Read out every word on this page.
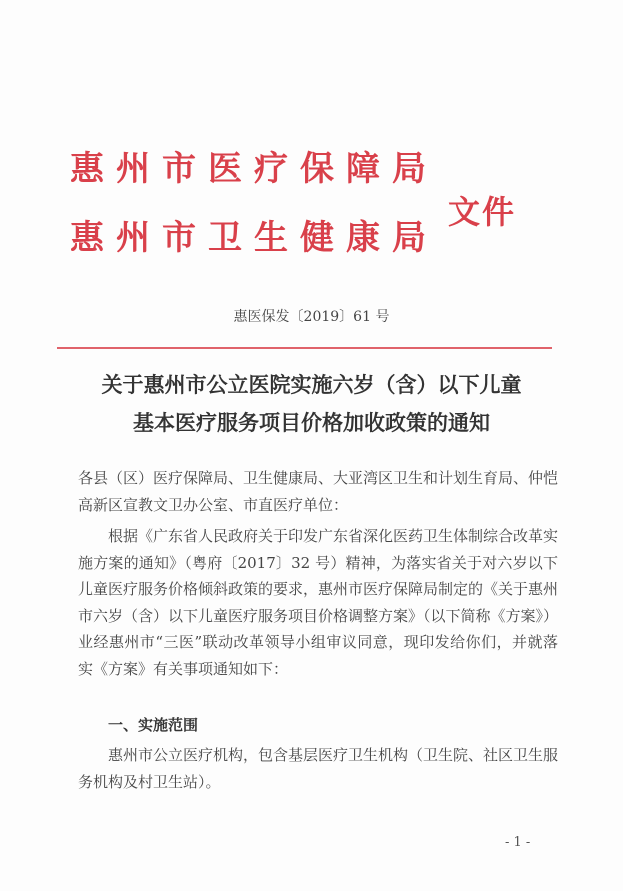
惠州市医疗保障局
惠州市卫生健康局
文件
惠医保发〔2019〕61 号
关于惠州市公立医院实施六岁（含）以下儿童
基本医疗服务项目价格加收政策的通知

各县（区）医疗保障局、卫生健康局、大亚湾区卫生和计划生育局、仲恺高新区宣教文卫办公室、市直医疗单位：

根据《广东省人民政府关于印发广东省深化医药卫生体制综合改革实施方案的通知》（粤府〔2017〕32 号）精神，为落实省关于对六岁以下儿童医疗服务价格倾斜政策的要求，惠州市医疗保障局制定的《关于惠州市六岁（含）以下儿童医疗服务项目价格调整方案》（以下简称《方案》）业经惠州市“三医”联动改革领导小组审议同意，现印发给你们，并就落实《方案》有关事项通知如下：

一、实施范围

惠州市公立医疗机构，包含基层医疗卫生机构（卫生院、社区卫生服务机构及村卫生站）。

- 1 -
